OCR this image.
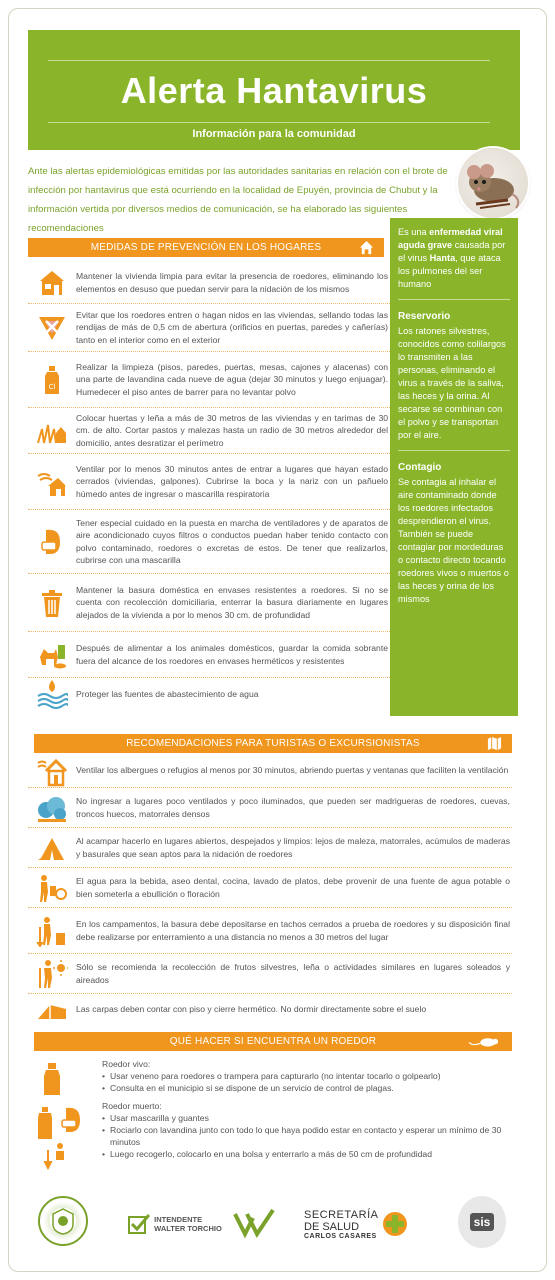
Alerta Hantavirus
Información para la comunidad
Ante las alertas epidemiológicas emitidas por las autoridades sanitarias en relación con el brote de infección por hantavirus que está ocurriendo en la localidad de Epuyén, provincia de Chubut y la información vertida por diversos medios de comunicación, se ha elaborado las siguientes recomendaciones
MEDIDAS DE PREVENCIÓN EN LOS HOGARES
Mantener la vivienda limpia para evitar la presencia de roedores, eliminando los elementos en desuso que puedan servir para la nidación de los mismos
Evitar que los roedores entren o hagan nidos en las viviendas, sellando todas las rendijas de más de 0,5 cm de abertura (orificios en puertas, paredes y cañerías) tanto en el interior como en el exterior
Cl
Realizar la limpieza (pisos, paredes, puertas, mesas, cajones y alacenas) con una parte de lavandina cada nueve de agua (dejar 30 minutos y luego enjuagar). Humedecer el piso antes de barrer para no levantar polvo
Colocar huertas y leña a más de 30 metros de las viviendas y en tarimas de 30 cm. de alto. Cortar pastos y malezas hasta un radio de 30 metros alrededor del domicilio, antes desratizar el perímetro
Ventilar por lo menos 30 minutos antes de entrar a lugares que hayan estado cerrados (viviendas, galpones). Cubrirse la boca y la nariz con un pañuelo húmedo antes de ingresar o mascarilla respiratoria
Tener especial cuidado en la puesta en marcha de ventiladores y de aparatos de aire acondicionado cuyos filtros o conductos puedan haber tenido contacto con polvo contaminado, roedores o excretas de estos. De tener que realizarlos, cubrirse con una mascarilla
Mantener la basura doméstica en envases resistentes a roedores. Si no se cuenta con recolección domiciliaria, enterrar la basura diariamente en lugares alejados de la vivienda a por lo menos 30 cm. de profundidad
Después de alimentar a los animales domésticos, guardar la comida sobrante fuera del alcance de los roedores en envases herméticos y resistentes
Proteger las fuentes de abastecimiento de agua
Es una enfermedad viral aguda grave causada por el virus Hanta, que ataca los pulmones del ser humano
Reservorio
Los ratones silvestres, conocidos como colilargos lo transmiten a las personas, eliminando el virus a través de la saliva, las heces y la orina. Al secarse se combinan con el polvo y se transportan por el aire.
Contagio
Se contagia al inhalar el aire contaminado donde los roedores infectados desprendieron el virus. También se puede contagiar por mordeduras o contacto directo tocando roedores vivos o muertos o las heces y orina de los mismos
RECOMENDACIONES PARA TURISTAS O EXCURSIONISTAS
Ventilar los albergues o refugios al menos por 30 minutos, abriendo puertas y ventanas que faciliten la ventilación
No ingresar a lugares poco ventilados y poco iluminados, que pueden ser madrigueras de roedores, cuevas, troncos huecos, matorrales densos
Al acampar hacerlo en lugares abiertos, despejados y limpios: lejos de maleza, matorrales, acúmulos de maderas y basurales que sean aptos para la nidación de roedores
El agua para la bebida, aseo dental, cocina, lavado de platos, debe provenir de una fuente de agua potable o bien someterla a ebullición o floración
En los campamentos, la basura debe depositarse en tachos cerrados a prueba de roedores y su disposición final debe realizarse por enterramiento a una distancia no menos a 30 metros del lugar
Sólo se recomienda la recolección de frutos silvestres, leña o actividades similares en lugares soleados y aireados
Las carpas deben contar con piso y cierre hermético. No dormir directamente sobre el suelo
QUÉ HACER SI ENCUENTRA UN ROEDOR
Roedor vivo:
• Usar veneno para roedores o trampera para capturarlo (no intentar tocarlo o golpearlo)
• Consulta en el municipio si se dispone de un servicio de control de plagas.
Roedor muerto:
• Usar mascarilla y guantes
• Rociarlo con lavandina junto con todo lo que haya podido estar en contacto y esperar un mínimo de 30 minutos
• Luego recogerlo, colocarlo en una bolsa y enterrarlo a más de 50 cm de profundidad
INTENDENTE
WALTER TORCHIO
SECRETARÍA
DE SALUD
CARLOS CASARES
sis
